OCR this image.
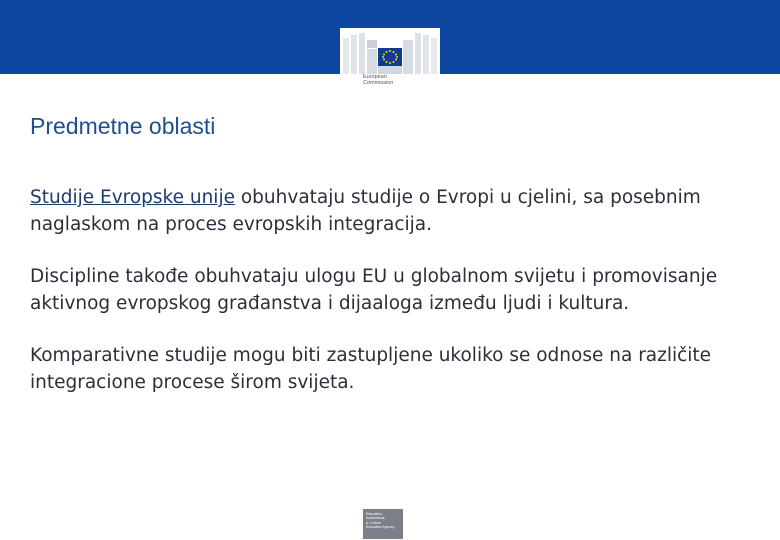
European
Commission
Predmetne oblasti

Studije Evropske unije obuhvataju studije o Evropi u cjelini, sa posebnim naglaskom na proces evropskih integracija.

Discipline takođe obuhvataju ulogu EU u globalnom svijetu i promovisanje aktivnog evropskog građanstva i dijaaloga između ljudi i kultura.

Komparativne studije mogu biti zastupljene ukoliko se odnose na različite integracione procese širom svijeta.

Education,
Audiovisual
& Culture
Executive Agency
